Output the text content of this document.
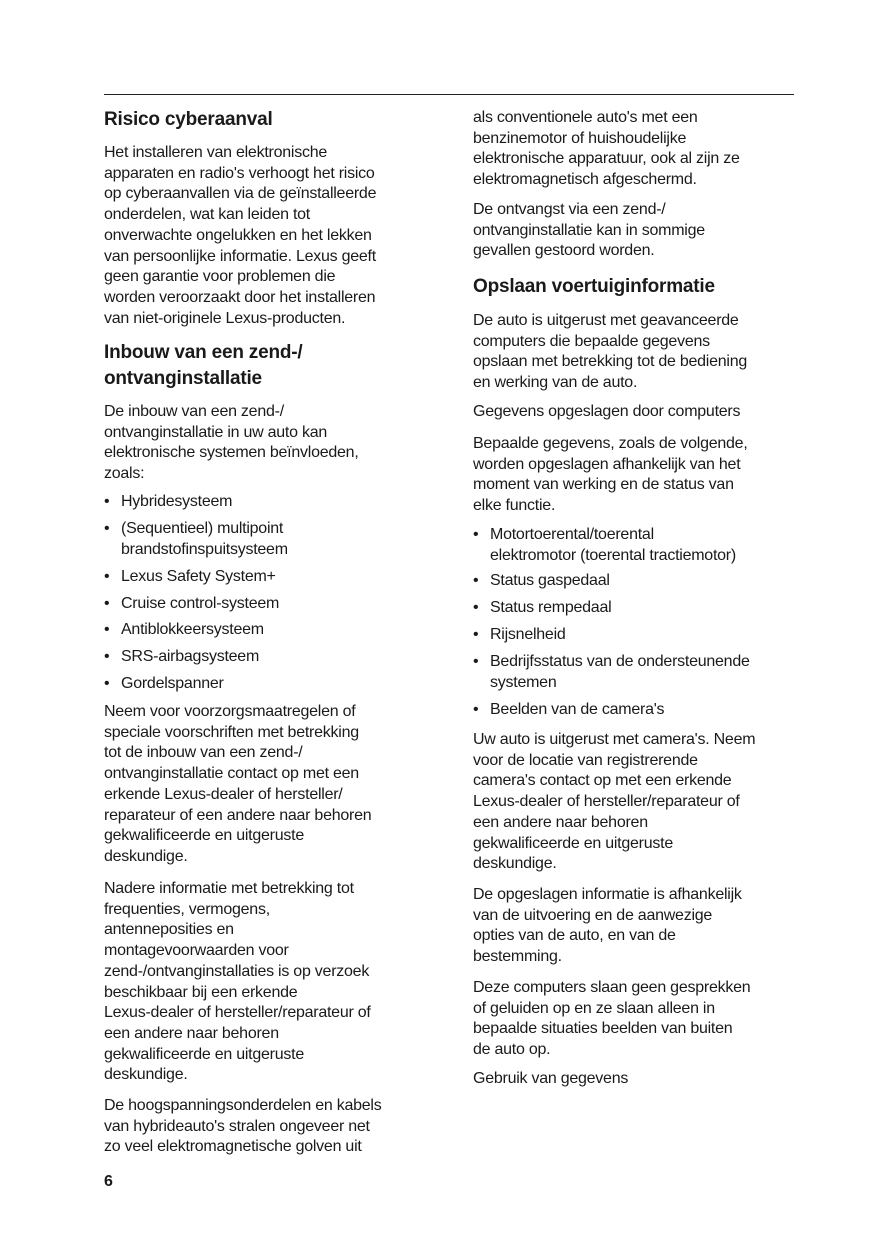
Risico cyberaanval
Het installeren van elektronische
apparaten en radio's verhoogt het risico
op cyberaanvallen via de geïnstalleerde
onderdelen, wat kan leiden tot
onverwachte ongelukken en het lekken
van persoonlijke informatie. Lexus geeft
geen garantie voor problemen die
worden veroorzaakt door het installeren
van niet-originele Lexus-producten.
Inbouw van een zend-/
ontvanginstallatie
De inbouw van een zend-/
ontvanginstallatie in uw auto kan
elektronische systemen beïnvloeden,
zoals:
• Hybridesysteem
• (Sequentieel) multipoint
brandstofinspuitsysteem
• Lexus Safety System+
• Cruise control-systeem
• Antiblokkeersysteem
• SRS-airbagsysteem
• Gordelspanner
Neem voor voorzorgsmaatregelen of
speciale voorschriften met betrekking
tot de inbouw van een zend-/
ontvanginstallatie contact op met een
erkende Lexus-dealer of hersteller/
reparateur of een andere naar behoren
gekwalificeerde en uitgeruste
deskundige.
Nadere informatie met betrekking tot
frequenties, vermogens,
antenneposities en
montagevoorwaarden voor
zend-/ontvanginstallaties is op verzoek
beschikbaar bij een erkende
Lexus-dealer of hersteller/reparateur of
een andere naar behoren
gekwalificeerde en uitgeruste
deskundige.
De hoogspanningsonderdelen en kabels
van hybrideauto's stralen ongeveer net
zo veel elektromagnetische golven uit
als conventionele auto's met een
benzinemotor of huishoudelijke
elektronische apparatuur, ook al zijn ze
elektromagnetisch afgeschermd.
De ontvangst via een zend-/
ontvanginstallatie kan in sommige
gevallen gestoord worden.
Opslaan voertuiginformatie
De auto is uitgerust met geavanceerde
computers die bepaalde gegevens
opslaan met betrekking tot de bediening
en werking van de auto.
Gegevens opgeslagen door computers
Bepaalde gegevens, zoals de volgende,
worden opgeslagen afhankelijk van het
moment van werking en de status van
elke functie.
• Motortoerental/toerental
elektromotor (toerental tractiemotor)
• Status gaspedaal
• Status rempedaal
• Rijsnelheid
• Bedrijfsstatus van de ondersteunende
systemen
• Beelden van de camera's
Uw auto is uitgerust met camera's. Neem
voor de locatie van registrerende
camera's contact op met een erkende
Lexus-dealer of hersteller/reparateur of
een andere naar behoren
gekwalificeerde en uitgeruste
deskundige.
De opgeslagen informatie is afhankelijk
van de uitvoering en de aanwezige
opties van de auto, en van de
bestemming.
Deze computers slaan geen gesprekken
of geluiden op en ze slaan alleen in
bepaalde situaties beelden van buiten
de auto op.
Gebruik van gegevens
6
